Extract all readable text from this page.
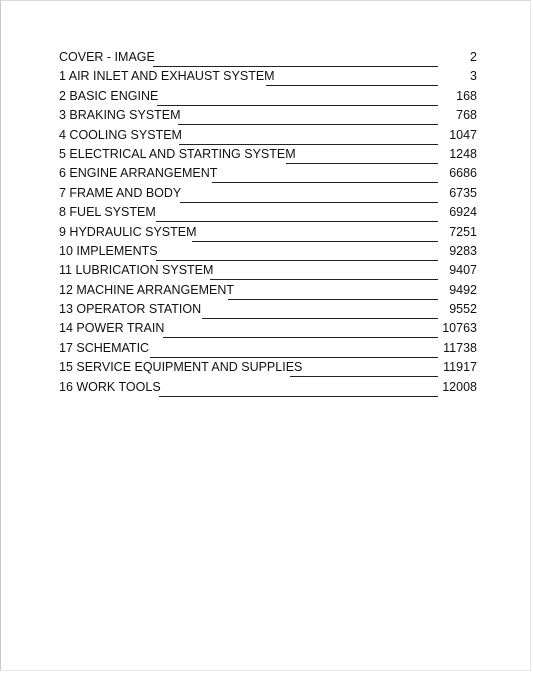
COVER - IMAGE	2
1 AIR INLET AND EXHAUST SYSTEM	3
2 BASIC ENGINE	168
3 BRAKING SYSTEM	768
4 COOLING SYSTEM	1047
5 ELECTRICAL AND STARTING SYSTEM	1248
6 ENGINE ARRANGEMENT	6686
7 FRAME AND BODY	6735
8 FUEL SYSTEM	6924
9 HYDRAULIC SYSTEM	7251
10 IMPLEMENTS	9283
11 LUBRICATION SYSTEM	9407
12 MACHINE ARRANGEMENT	9492
13 OPERATOR STATION	9552
14 POWER TRAIN	10763
17 SCHEMATIC	11738
15 SERVICE EQUIPMENT AND SUPPLIES	11917
16 WORK TOOLS	12008
